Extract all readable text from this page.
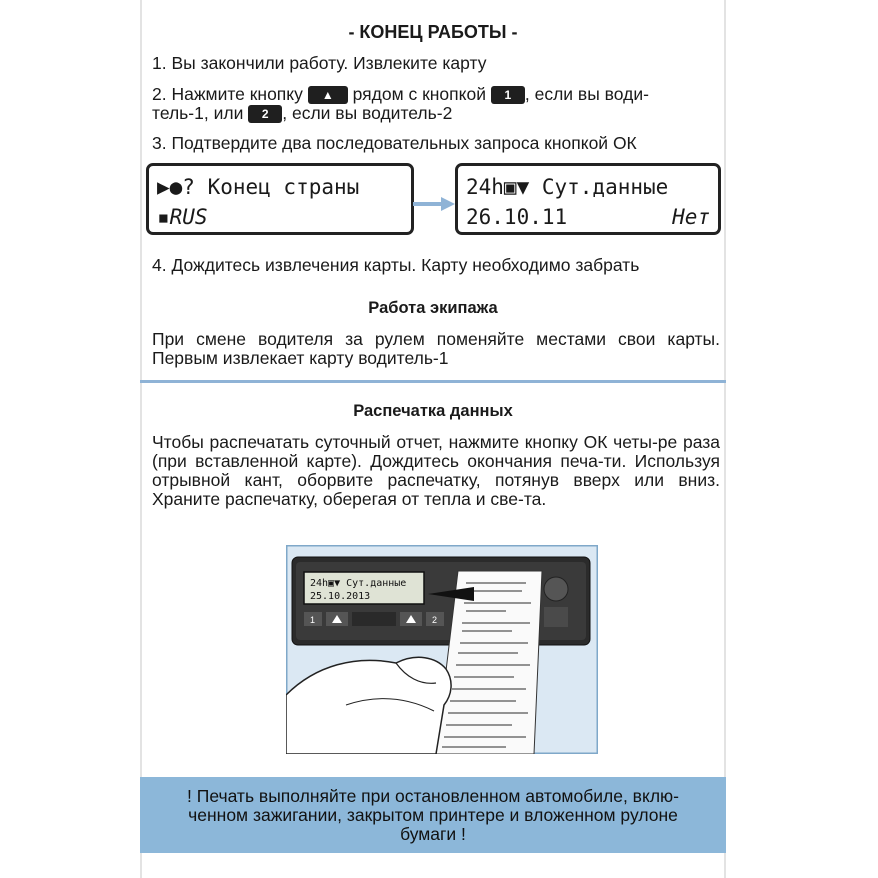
- КОНЕЦ РАБОТЫ -
1. Вы закончили работу. Извлеките карту
2. Нажмите кнопку ▲ рядом с кнопкой 1 , если вы води-
тель-1, или 2 , если вы водитель-2
3. Подтвердите два последовательных запроса кнопкой ОК
▶●? Конец страны
▪RUS
24h▣▼ Сут.данные
26.10.11	Нет
4. Дождитесь извлечения карты. Карту необходимо забрать
Работа экипажа
При смене водителя за рулем поменяйте местами свои карты. Первым извлекает карту водитель-1
Распечатка данных
Чтобы распечатать суточный отчет, нажмите кнопку ОК четы-ре раза (при вставленной карте). Дождитесь окончания печа-ти. Используя отрывной кант, оборвите распечатку, потянув вверх или вниз. Храните распечатку, оберегая от тепла и све-та.
24h▣▼ Сут.данные
25.10.2013
1	2
! Печать выполняйте при остановленном автомобиле, вклю-ченном зажигании, закрытом принтере и вложенном рулоне бумаги !
